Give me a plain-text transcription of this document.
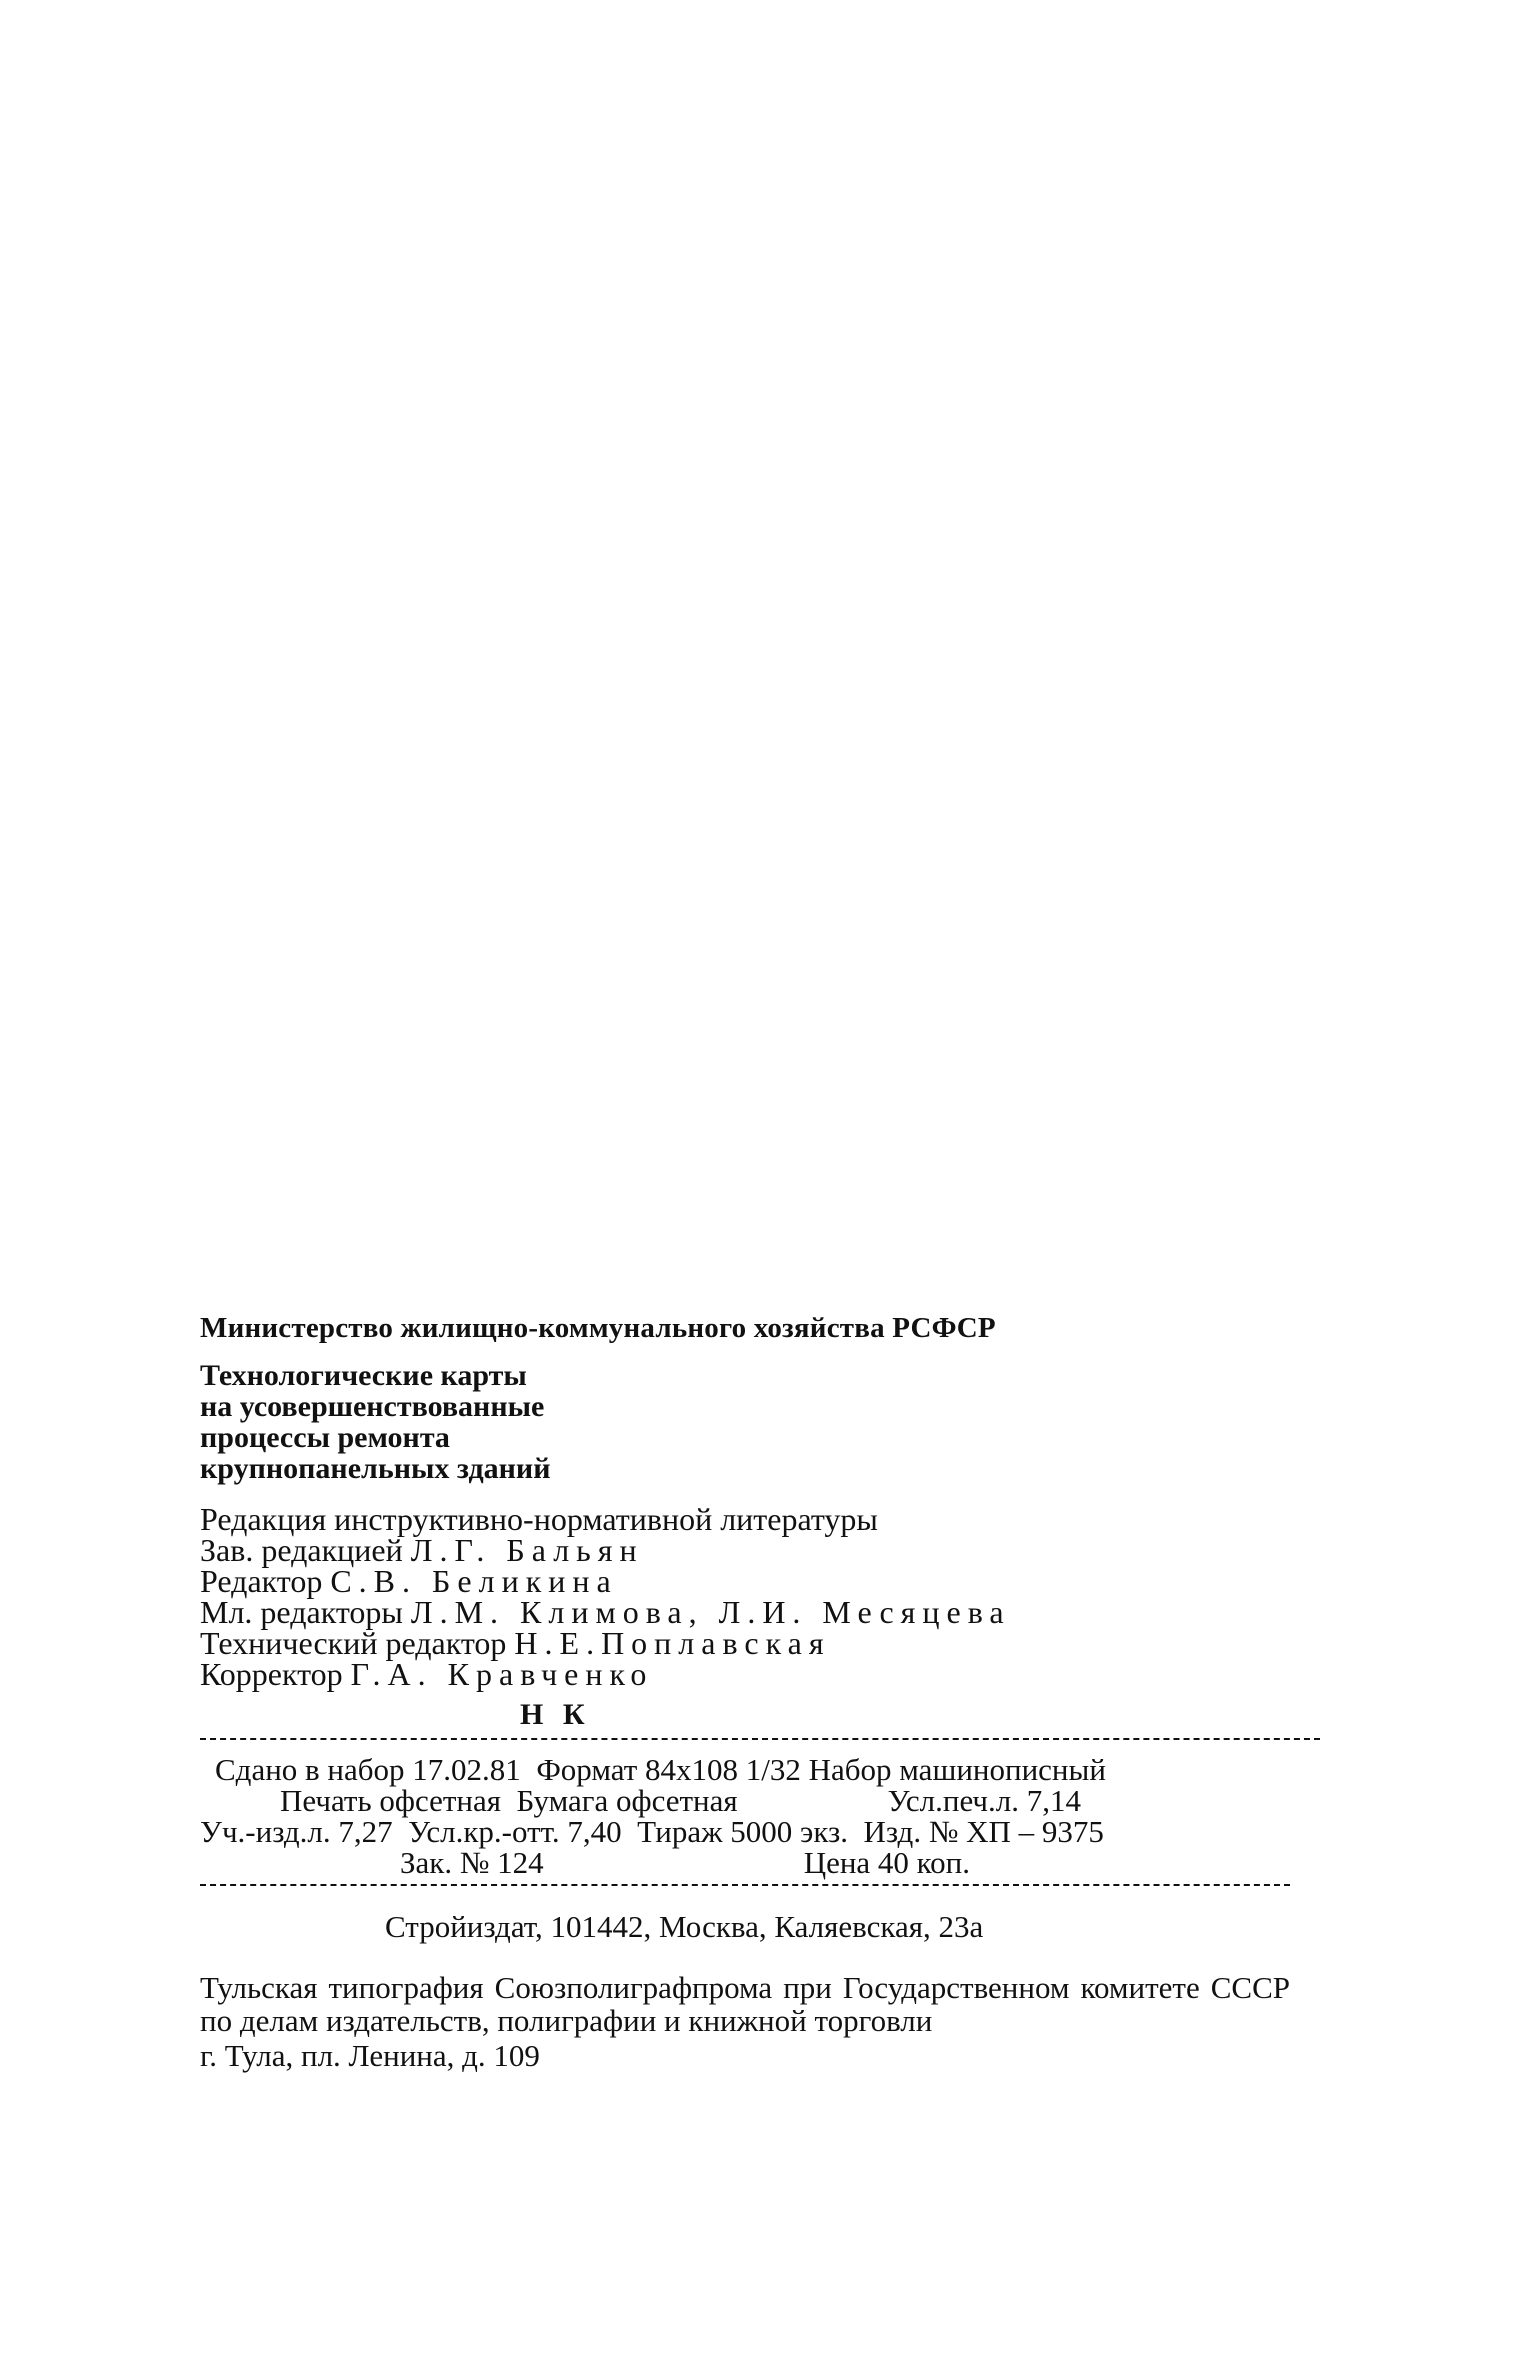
Министерство жилищно-коммунального хозяйства РСФСР
Технологические карты
на усовершенствованные
процессы ремонта
крупнопанельных зданий
Редакция инструктивно-нормативной литературы
Зав. редакцией Л.Г. Бальян
Редактор С.В. Беликина
Мл. редакторы Л.М. Климова, Л.И. Месяцева
Технический редактор Н.Е.Поплавская
Корректор Г.А. Кравченко
Н К
Сдано в набор 17.02.81 Формат 84х108 1/32 Набор машинописный
Печать офсетная Бумага офсетная	Усл.печ.л. 7,14
Уч.-изд.л. 7,27 Усл.кр.-отт. 7,40 Тираж 5000 экз. Изд. № ХП – 9375
Зак. № 124	Цена 40 коп.
Стройиздат, 101442, Москва, Каляевская, 23а
Тульская типография Союзполиграфпрома при Государственном комитете СССР по делам издательств, полиграфии и книжной торговли
г. Тула, пл. Ленина, д. 109
